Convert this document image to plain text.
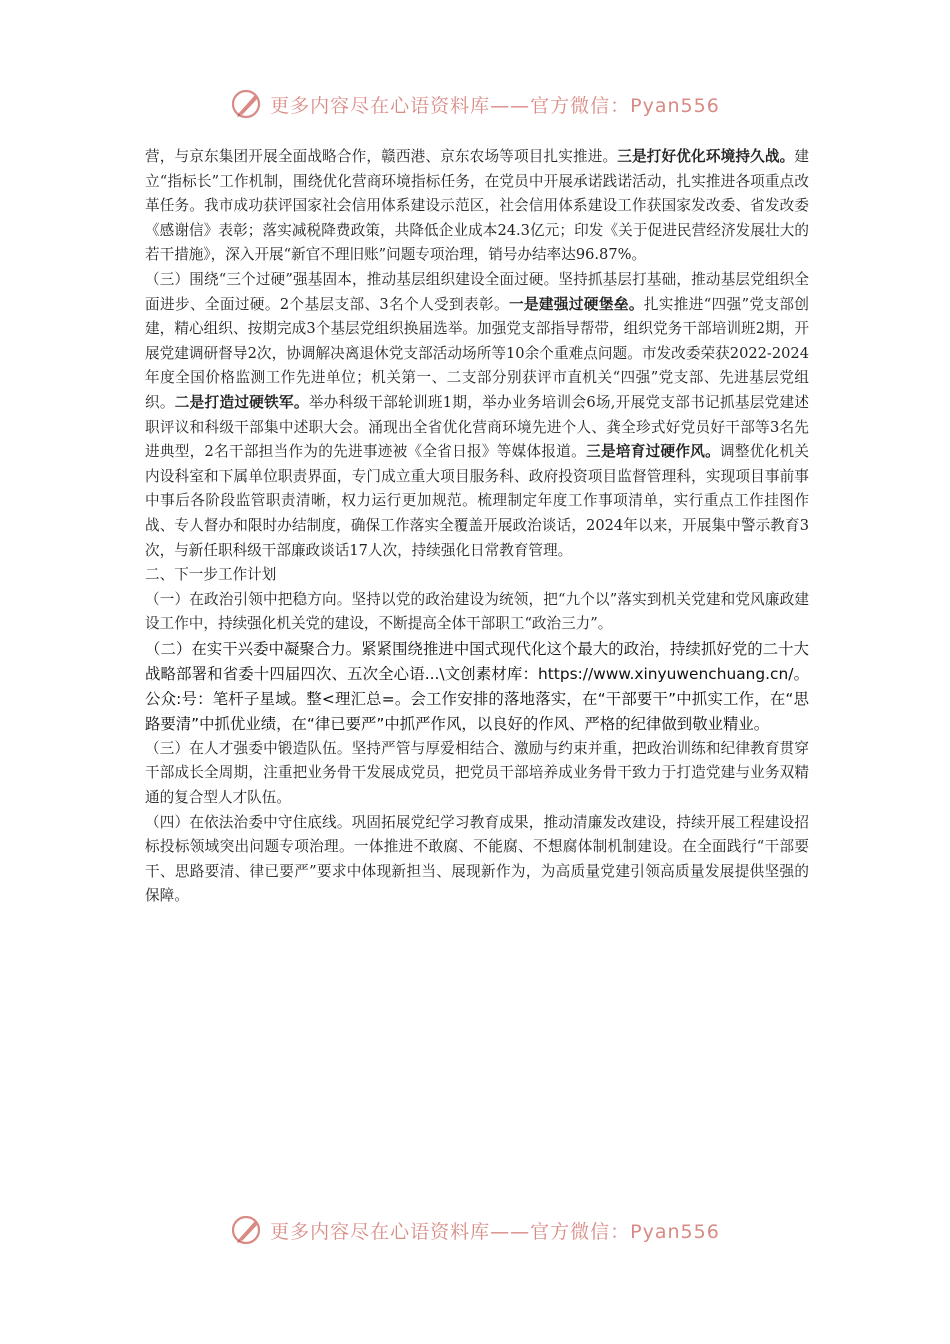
更多内容尽在心语资料库——官方微信：Pyan556

营，与京东集团开展全面战略合作，赣西港、京东农场等项目扎实推进。三是打好优化环境持久战。建立“指标长”工作机制，围绕优化营商环境指标任务，在党员中开展承诺践诺活动，扎实推进各项重点改革任务。我市成功获评国家社会信用体系建设示范区，社会信用体系建设工作获国家发改委、省发改委《感谢信》表彰；落实减税降费政策，共降低企业成本24.3亿元；印发《关于促进民营经济发展壮大的若干措施》，深入开展“新官不理旧账”问题专项治理，销号办结率达96.87%。

（三）围绕“三个过硬”强基固本，推动基层组织建设全面过硬。坚持抓基层打基础，推动基层党组织全面进步、全面过硬。2个基层支部、3名个人受到表彰。一是建强过硬堡垒。扎实推进“四强”党支部创建，精心组织、按期完成3个基层党组织换届选举。加强党支部指导帮带，组织党务干部培训班2期，开展党建调研督导2次，协调解决离退休党支部活动场所等10余个重难点问题。市发改委荣获2022-2024年度全国价格监测工作先进单位；机关第一、二支部分别获评市直机关“四强”党支部、先进基层党组织。二是打造过硬铁军。举办科级干部轮训班1期，举办业务培训会6场,开展党支部书记抓基层党建述职评议和科级干部集中述职大会。涌现出全省优化营商环境先进个人、龚全珍式好党员好干部等3名先进典型，2名干部担当作为的先进事迹被《全省日报》等媒体报道。三是培育过硬作风。调整优化机关内设科室和下属单位职责界面，专门成立重大项目服务科、政府投资项目监督管理科，实现项目事前事中事后各阶段监管职责清晰，权力运行更加规范。梳理制定年度工作事项清单，实行重点工作挂图作战、专人督办和限时办结制度，确保工作落实全覆盖开展政治谈话，2024年以来，开展集中警示教育3次，与新任职科级干部廉政谈话17人次，持续强化日常教育管理。

二、下一步工作计划

（一）在政治引领中把稳方向。坚持以党的政治建设为统领，把“九个以”落实到机关党建和党风廉政建设工作中，持续强化机关党的建设，不断提高全体干部职工“政治三力”。

（二）在实干兴委中凝聚合力。紧紧围绕推进中国式现代化这个最大的政治，持续抓好党的二十大战略部署和省委十四届四次、五次全心语...\文创素材库：https://www.xinyuwenchuang.cn/。公众:号：笔杆子星域。整<理汇总=。会工作安排的落地落实，在“干部要干”中抓实工作，在“思路要清”中抓优业绩，在“律已要严”中抓严作风，以良好的作风、严格的纪律做到敬业精业。

（三）在人才强委中锻造队伍。坚持严管与厚爱相结合、激励与约束并重，把政治训练和纪律教育贯穿干部成长全周期，注重把业务骨干发展成党员，把党员干部培养成业务骨干致力于打造党建与业务双精通的复合型人才队伍。

（四）在依法治委中守住底线。巩固拓展党纪学习教育成果，推动清廉发改建设，持续开展工程建设招标投标领域突出问题专项治理。一体推进不敢腐、不能腐、不想腐体制机制建设。在全面践行“干部要干、思路要清、律已要严”要求中体现新担当、展现新作为，为高质量党建引领高质量发展提供坚强的保障。

更多内容尽在心语资料库——官方微信：Pyan556
